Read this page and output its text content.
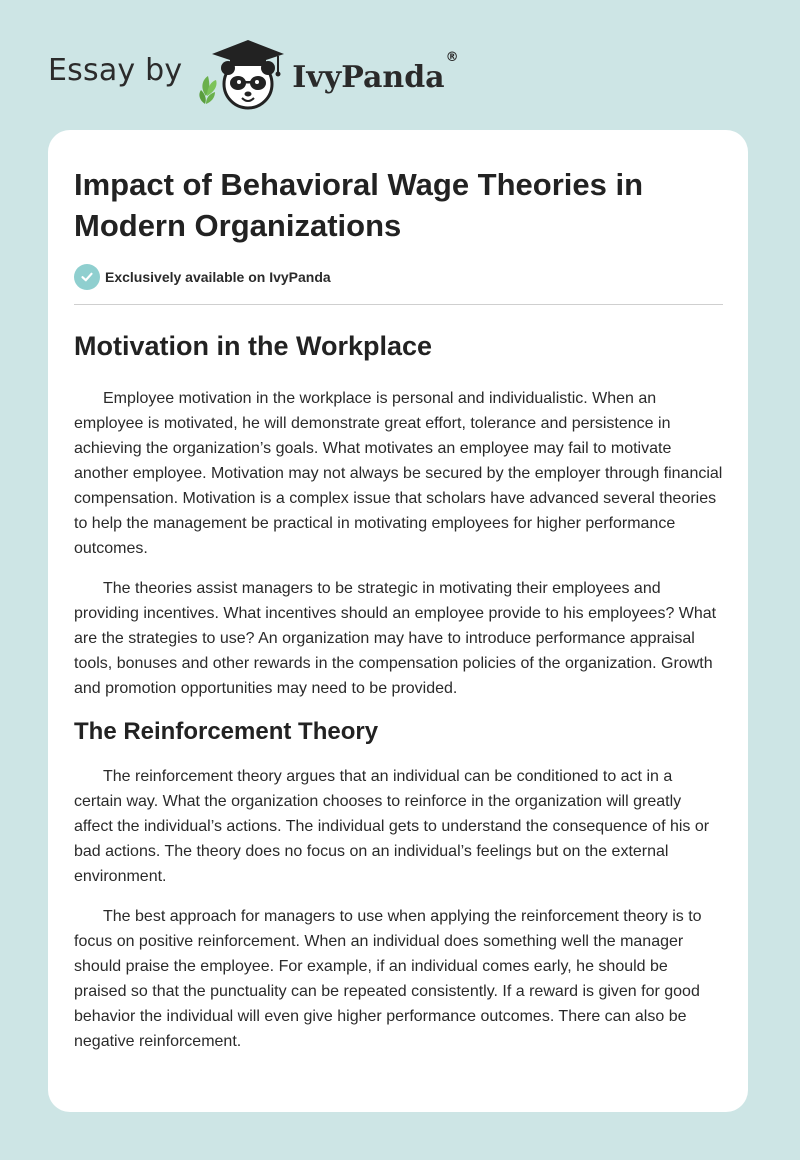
Essay by	IvyPanda®
Impact of Behavioral Wage Theories in Modern Organizations
Exclusively available on IvyPanda
Motivation in the Workplace

Employee motivation in the workplace is personal and individualistic. When an employee is motivated, he will demonstrate great effort, tolerance and persistence in achieving the organization’s goals. What motivates an employee may fail to motivate another employee. Motivation may not always be secured by the employer through financial compensation. Motivation is a complex issue that scholars have advanced several theories to help the management be practical in motivating employees for higher performance outcomes.

The theories assist managers to be strategic in motivating their employees and providing incentives. What incentives should an employee provide to his employees? What are the strategies to use? An organization may have to introduce performance appraisal tools, bonuses and other rewards in the compensation policies of the organization. Growth and promotion opportunities may need to be provided.

The Reinforcement Theory

The reinforcement theory argues that an individual can be conditioned to act in a certain way. What the organization chooses to reinforce in the organization will greatly affect the individual’s actions. The individual gets to understand the consequence of his or bad actions. The theory does no focus on an individual’s feelings but on the external environment.

The best approach for managers to use when applying the reinforcement theory is to focus on positive reinforcement. When an individual does something well the manager should praise the employee. For example, if an individual comes early, he should be praised so that the punctuality can be repeated consistently. If a reward is given for good behavior the individual will even give higher performance outcomes. There can also be negative reinforcement.
